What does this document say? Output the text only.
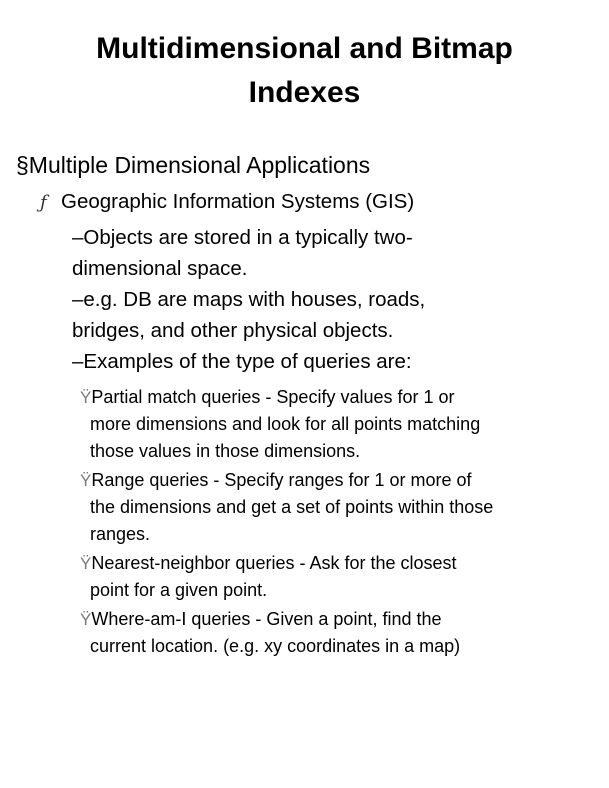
Multidimensional and Bitmap
Indexes
§Multiple Dimensional Applications
ƒ Geographic Information Systems (GIS)
–Objects are stored in a typically two-
dimensional space.
–e.g. DB are maps with houses, roads,
bridges, and other physical objects.
–Examples of the type of queries are:
ŸPartial match queries - Specify values for 1 or
more dimensions and look for all points matching
those values in those dimensions.
ŸRange queries - Specify ranges for 1 or more of
the dimensions and get a set of points within those
ranges.
ŸNearest-neighbor queries - Ask for the closest
point for a given point.
ŸWhere-am-I queries - Given a point, find the
current location. (e.g. xy coordinates in a map)
